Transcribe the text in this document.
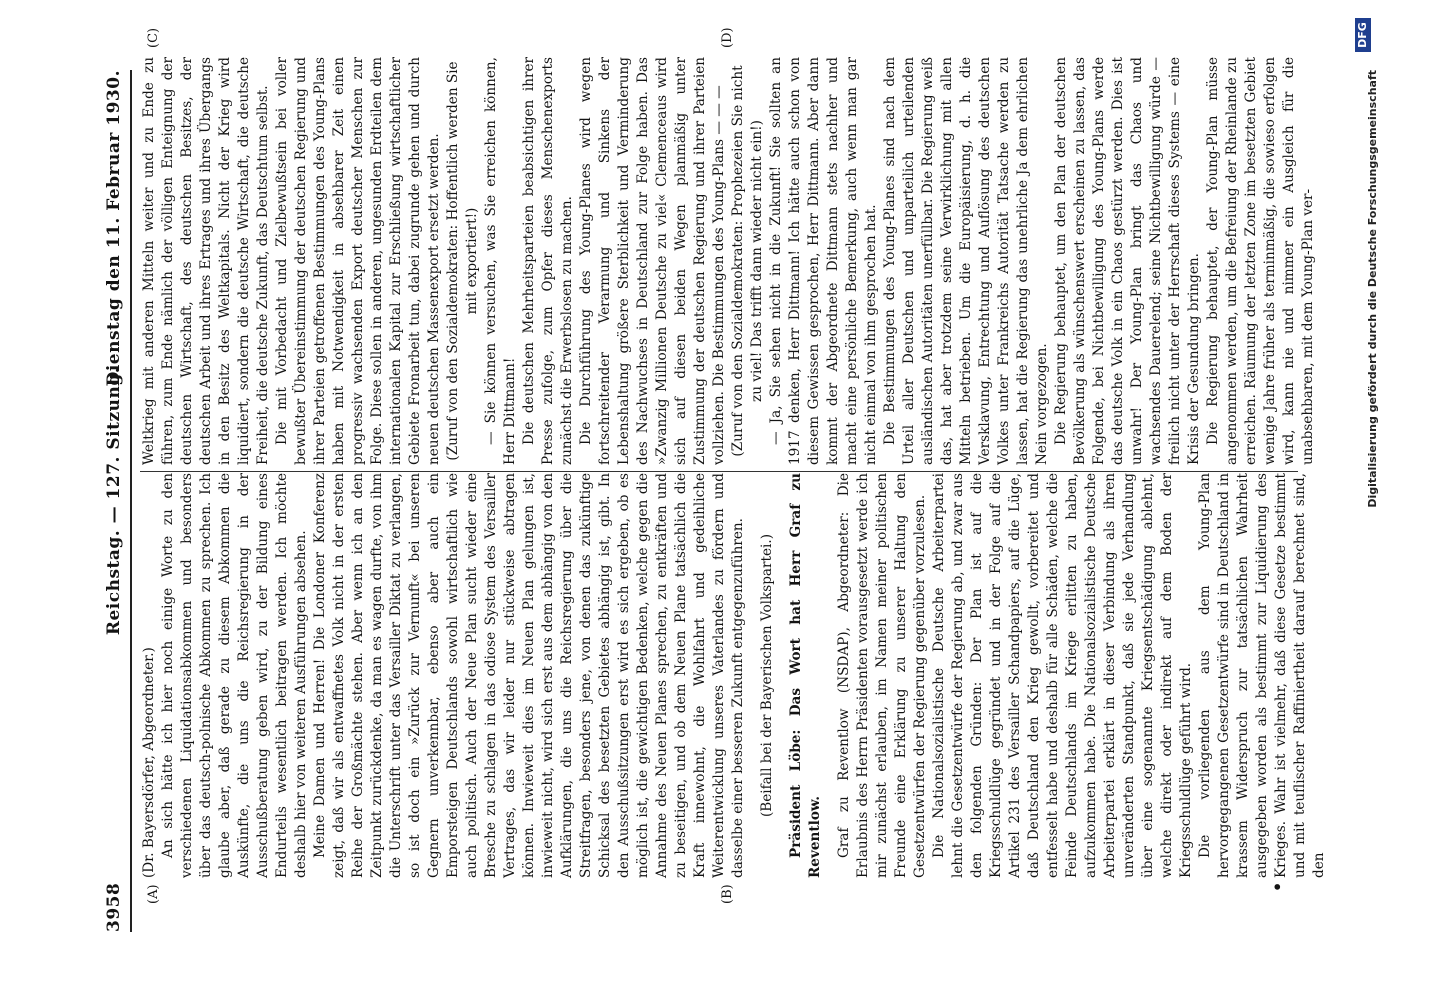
3958
Reichstag. — 127. Sitzung.
Dienstag den 11. Februar 1930.
(A)	(B)
(C)	(D)

(Dr. Bayersdörfer, Abgeordneter.) An sich hätte ich hier noch einige Worte zu den verschiedenen Liquidationsabkommen und besonders über das deutsch-polnische Abkommen zu sprechen. Ich glaube aber, daß gerade zu diesem Abkommen die Auskünfte, die uns die Reichsregierung in der Ausschußberatung geben wird, zu der Bildung eines Endurteils wesentlich beitragen werden. Ich möchte deshalb hier von weiteren Ausführungen absehen. Meine Damen und Herren! Die Londoner Konferenz zeigt, daß wir als entwaffnetes Volk nicht in der ersten Reihe der Großmächte stehen. Aber wenn ich an den Zeitpunkt zurückdenke, da man es wagen durfte, von ihm die Unterschrift unter das Versailler Diktat zu verlangen, so ist doch ein »Zurück zur Vernunft« bei unseren Gegnern unverkennbar, ebenso aber auch ein Emporsteigen Deutschlands sowohl wirtschaftlich wie auch politisch. Auch der Neue Plan sucht wieder eine Bresche zu schlagen in das odiose System des Versailler Vertrages, das wir leider nur stückweise abtragen können. Inwieweit dies im Neuen Plan gelungen ist, inwieweit nicht, wird sich erst aus dem abhängig von den Aufklärungen, die uns die Reichsregierung über die Streitfragen, besonders jene, von denen das zukünftige Schicksal des besetzten Gebietes abhängig ist, gibt. In den Ausschußsitzungen erst wird es sich ergeben, ob es möglich ist, die gewichtigen Bedenken, welche gegen die Annahme des Neuen Planes sprechen, zu entkräften und zu beseitigen, und ob dem Neuen Plane tatsächlich die Kraft innewohnt, die Wohlfahrt und gedeihliche Weiterentwicklung unseres Vaterlandes zu fördern und dasselbe einer besseren Zukunft entgegenzuführen. (Beifall bei der Bayerischen Volkspartei.) Präsident Löbe: Das Wort hat Herr Graf zu Reventlow. Graf zu Reventlow (NSDAP), Abgeordneter: Die Erlaubnis des Herrn Präsidenten vorausgesetzt werde ich mir zunächst erlauben, im Namen meiner politischen Freunde eine Erklärung zu unserer Haltung den Gesetzentwürfen der Regierung gegenüber vorzulesen. Die Nationalsozialistische Deutsche Arbeiterpartei lehnt die Gesetzentwürfe der Regierung ab, und zwar aus den folgenden Gründen: Der Plan ist auf die Kriegsschuldlüge gegründet und in der Folge auf die Artikel 231 des Versailler Schandpapiers, auf die Lüge, daß Deutschland den Krieg gewollt, vorbereitet und entfesselt habe und deshalb für alle Schäden, welche die Feinde Deutschlands im Kriege erlitten zu haben, aufzukommen habe. Die Nationalsozialistische Deutsche Arbeiterpartei erklärt in dieser Verbindung als ihren unveränderten Standpunkt, daß sie jede Verhandlung über eine sogenannte Kriegsentschädigung ablehnt, welche direkt oder indirekt auf dem Boden der Kriegsschuldlüge geführt wird. Die vorliegenden aus dem Young-Plan hervorgegangenen Gesetzentwürfe sind in Deutschland in krassem Widerspruch zur tatsächlichen Wahrheit ausgegeben worden als bestimmt zur Liquidierung des Krieges. Wahr ist vielmehr, daß diese Gesetze bestimmt und mit teuflischer Raffiniertheit darauf berechnet sind, den

Weltkrieg mit anderen Mitteln weiter und zu Ende zu führen, zum Ende nämlich der völligen Enteignung der deutschen Wirtschaft, des deutschen Besitzes, der deutschen Arbeit und ihres Ertrages und ihres Übergangs in den Besitz des Weltkapitals. Nicht der Krieg wird liquidiert, sondern die deutsche Wirtschaft, die deutsche Freiheit, die deutsche Zukunft, das Deutschtum selbst. Die mit Vorbedacht und Zielbewußtsein bei voller bewußter Übereinstimmung der deutschen Regierung und ihrer Parteien getroffenen Bestimmungen des Young-Plans haben mit Notwendigkeit in absehbarer Zeit einen progressiv wachsenden Export deutscher Menschen zur Folge. Diese sollen in anderen, ungesunden Erdteilen dem internationalen Kapital zur Erschließung wirtschaftlicher Gebiete Fronarbeit tun, dabei zugrunde gehen und durch neuen deutschen Massenexport ersetzt werden. (Zuruf von den Sozialdemokraten: Hoffentlich werden Sie mit exportiert!) — Sie können versuchen, was Sie erreichen können, Herr Dittmann! Die deutschen Mehrheitsparteien beabsichtigen ihrer Presse zufolge, zum Opfer dieses Menschenexports zunächst die Erwerbslosen zu machen. Die Durchführung des Young-Planes wird wegen fortschreitender Verarmung und Sinkens der Lebenshaltung größere Sterblichkeit und Verminderung des Nachwuchses in Deutschland zur Folge haben. Das »Zwanzig Millionen Deutsche zu viel« Clemenceaus wird sich auf diesen beiden Wegen planmäßig unter Zustimmung der deutschen Regierung und ihrer Parteien vollziehen. Die Bestimmungen des Young-Plans — — — (Zuruf von den Sozialdemokraten: Prophezeien Sie nicht zu viel! Das trifft dann wieder nicht ein!) — Ja, Sie sehen nicht in die Zukunft! Sie sollten an 1917 denken, Herr Dittmann! Ich hätte auch schon von diesem Gewissen gesprochen, Herr Dittmann. Aber dann kommt der Abgeordnete Dittmann stets nachher und macht eine persönliche Bemerkung, auch wenn man gar nicht einmal von ihm gesprochen hat. Die Bestimmungen des Young-Planes sind nach dem Urteil aller Deutschen und unparteilich urteilenden ausländischen Autoritäten unerfüllbar. Die Regierung weiß das, hat aber trotzdem seine Verwirklichung mit allen Mitteln betrieben. Um die Europäisierung, d. h. die Versklavung, Entrechtung und Auflösung des deutschen Volkes unter Frankreichs Autorität Tatsache werden zu lassen, hat die Regierung das unehrliche Ja dem ehrlichen Nein vorgezogen. Die Regierung behauptet, um den Plan der deutschen Bevölkerung als wünschenswert erscheinen zu lassen, das Folgende, bei Nichtbewilligung des Young-Plans werde das deutsche Volk in ein Chaos gestürzt werden. Dies ist unwahr! Der Young-Plan bringt das Chaos und wachsendes Dauerelend; seine Nichtbewilligung würde — freilich nicht unter der Herrschaft dieses Systems — eine Krisis der Gesundung bringen. Die Regierung behauptet, der Young-Plan müsse angenommen werden, um die Befreiung der Rheinlande zu erreichen. Räumung der letzten Zone im besetzten Gebiet wenige Jahre früher als terminmäßig, die sowieso erfolgen wird, kann nie und nimmer ein Ausgleich für die unabsehbaren, mit dem Young-Plan ver-

•
Digitalisierung gefördert durch die Deutsche Forschungsgemeinschaft
DFG
